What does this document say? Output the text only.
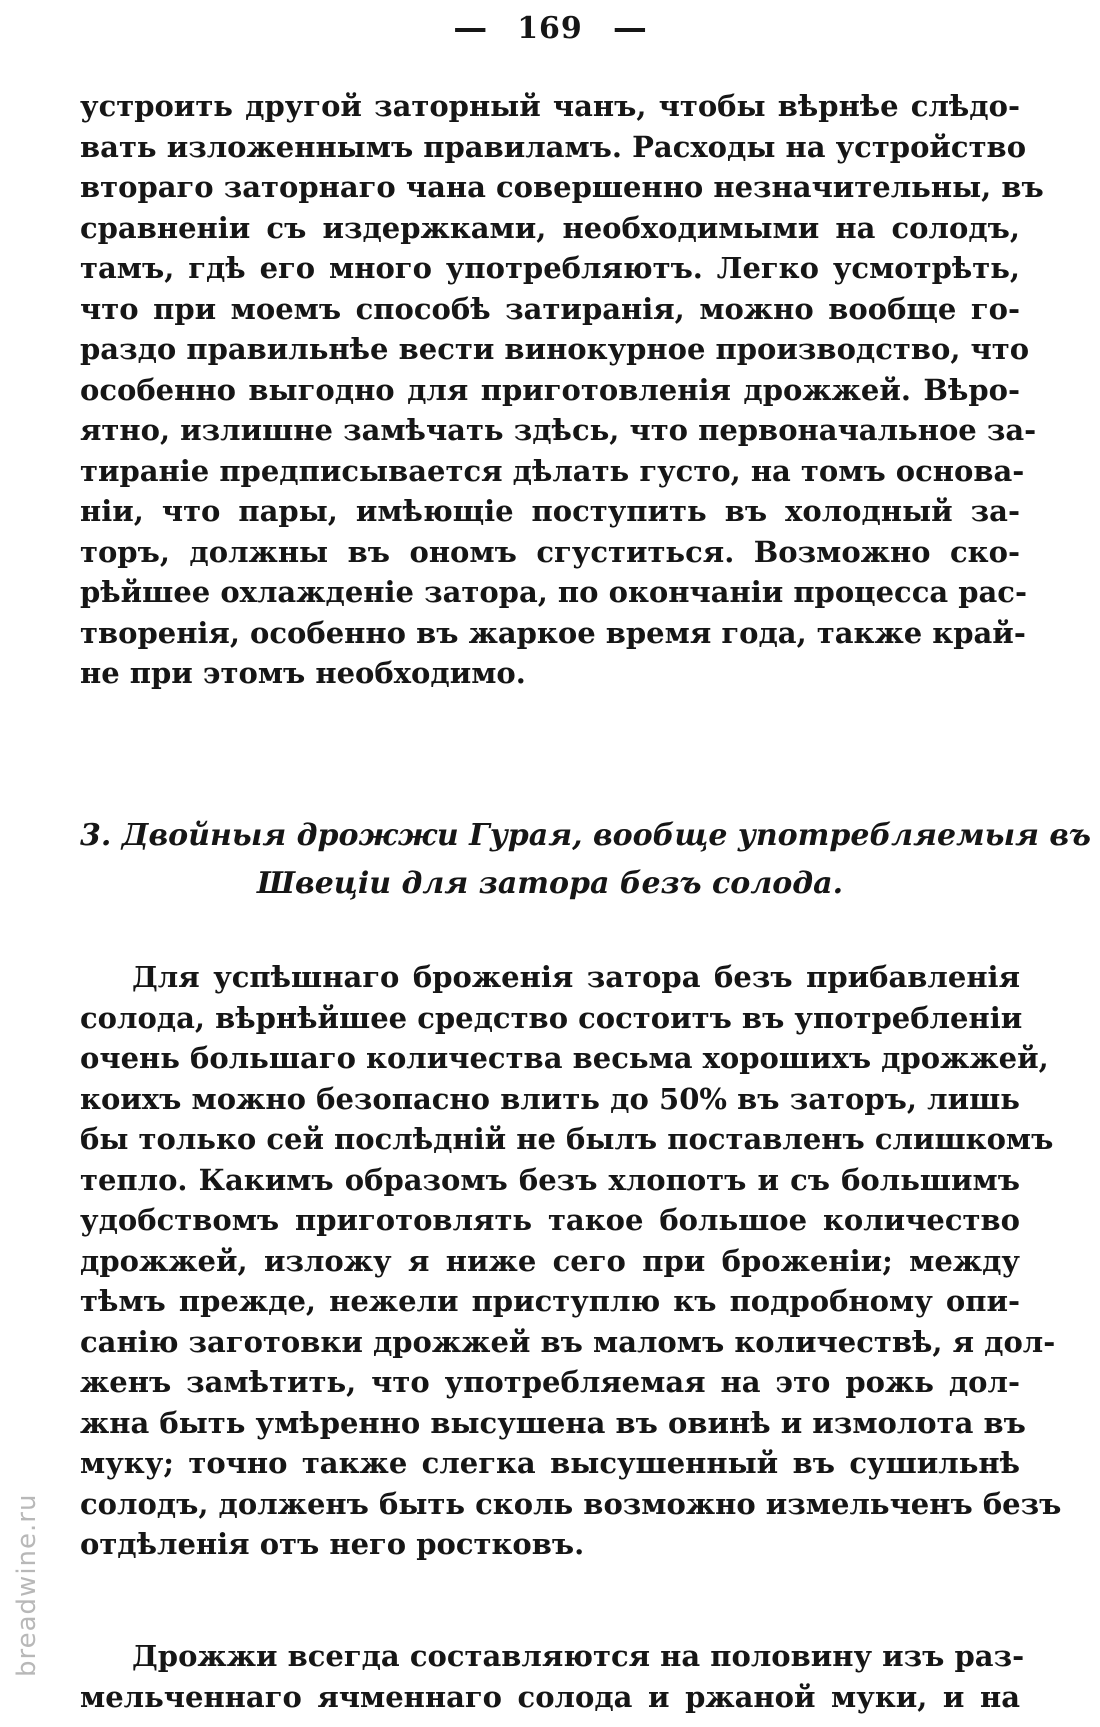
— 169 —
устроить другой заторный чанъ, чтобы вѣрнѣе слѣдо-
вать изложеннымъ правиламъ. Расходы на устройство
втораго заторнаго чана совершенно незначительны, въ
сравненіи съ издержками, необходимыми на солодъ,
тамъ, гдѣ его много употребляютъ. Легко усмотрѣть,
что при моемъ способѣ затиранія, можно вообще го-
раздо правильнѣе вести винокурное производство, что
особенно выгодно для приготовленія дрожжей. Вѣро-
ятно, излишне замѣчать здѣсь, что первоначальное за-
тираніе предписывается дѣлать густо, на томъ основа-
ніи, что пары, имѣющіе поступить въ холодный за-
торъ, должны въ ономъ сгуститься. Возможно ско-
рѣйшее охлажденіе затора, по окончаніи процесса рас-
творенія, особенно въ жаркое время года, также край-
не при этомъ необходимо.
3. Двойныя дрожжи Гурая, вообще употребляемыя въ
Швеціи для затора безъ солода.
Для успѣшнаго броженія затора безъ прибавленія
солода, вѣрнѣйшее средство состоитъ въ употребленіи
очень большаго количества весьма хорошихъ дрожжей,
коихъ можно безопасно влить до 50% въ заторъ, лишь
бы только сей послѣдній не былъ поставленъ слишкомъ
тепло. Какимъ образомъ безъ хлопотъ и съ большимъ
удобствомъ приготовлять такое большое количество
дрожжей, изложу я ниже сего при броженіи; между
тѣмъ прежде, нежели приступлю къ подробному опи-
санію заготовки дрожжей въ маломъ количествѣ, я дол-
женъ замѣтить, что употребляемая на это рожь дол-
жна быть умѣренно высушена въ овинѣ и измолота въ
муку; точно также слегка высушенный въ сушильнѣ
солодъ, долженъ быть сколь возможно измельченъ безъ
отдѣленія отъ него ростковъ.
Дрожжи всегда составляются на половину изъ раз-
мельченнаго ячменнаго солода и ржаной муки, и на
breadwine.ru
